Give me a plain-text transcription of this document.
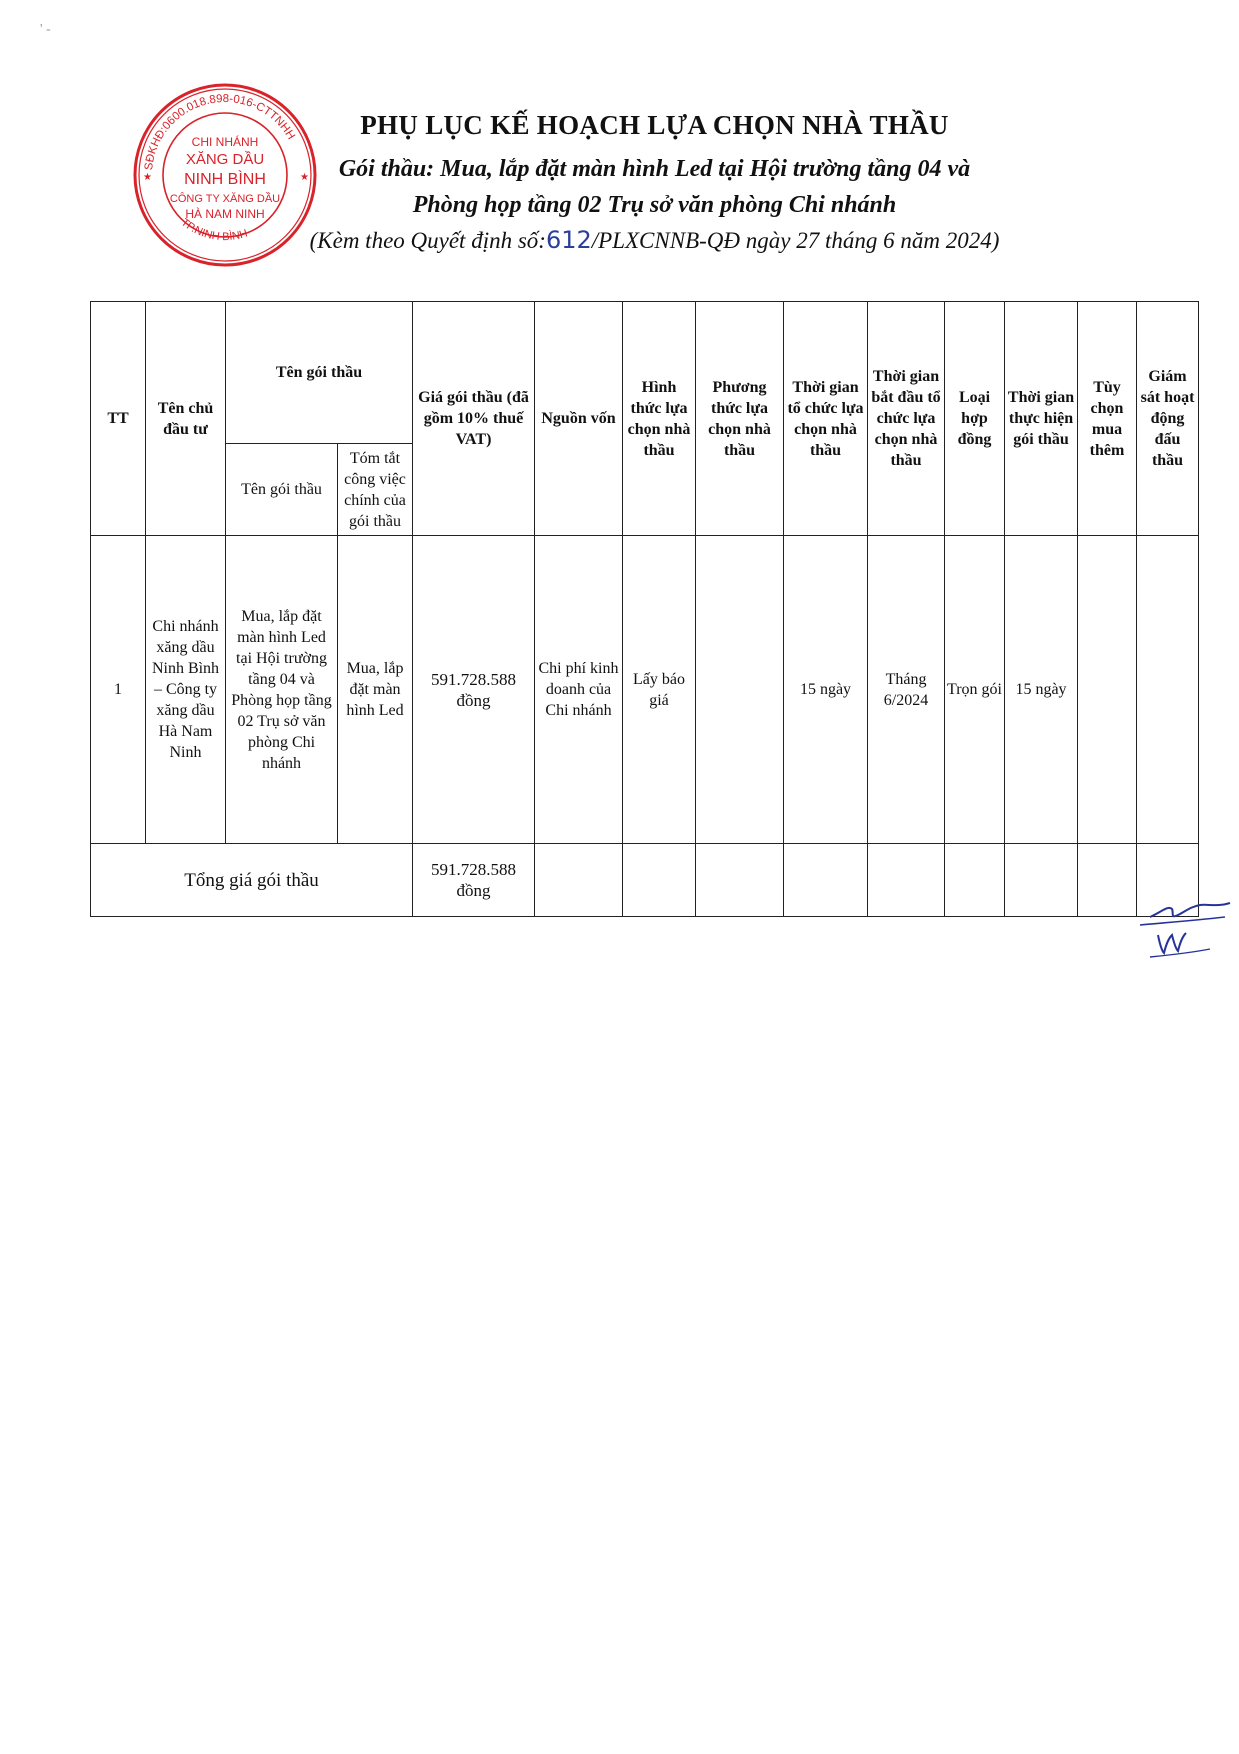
' -
SĐKHĐ:0600.018.898-016-CTTNHH
TP.NINH BÌNH
CHI NHÁNH
XĂNG DẦU
NINH BÌNH
CÔNG TY XĂNG DẦU
HÀ NAM NINH
★	★
PHỤ LỤC KẾ HOẠCH LỰA CHỌN NHÀ THẦU
Gói thầu: Mua, lắp đặt màn hình Led tại Hội trường tầng 04 và
Phòng họp tầng 02 Trụ sở văn phòng Chi nhánh
(Kèm theo Quyết định số:612/PLXCNNB-QĐ ngày 27 tháng 6 năm 2024)
TT	Tên chủ đầu tư	Tên gói thầu		Giá gói thầu (đã gồm 10% thuế VAT)	Nguồn vốn	Hình thức lựa chọn nhà thầu	Phương thức lựa chọn nhà thầu	Thời gian tổ chức lựa chọn nhà thầu	Thời gian bắt đầu tổ chức lựa chọn nhà thầu	Loại hợp đồng	Thời gian thực hiện gói thầu	Tùy chọn mua thêm	Giám sát hoạt động đấu thầu
		Tên gói thầu	Tóm tắt công việc chính của gói thầu										
1	Chi nhánh xăng dầu Ninh Bình – Công ty xăng dầu Hà Nam Ninh	Mua, lắp đặt màn hình Led tại Hội trường tầng 04 và Phòng họp tầng 02 Trụ sở văn phòng Chi nhánh	Mua, lắp đặt màn hình Led	591.728.588 đồng	Chi phí kinh doanh của Chi nhánh	Lấy báo giá		15 ngày	Tháng 6/2024	Trọn gói	15 ngày		
Tổng giá gói thầu				591.728.588 đồng									
